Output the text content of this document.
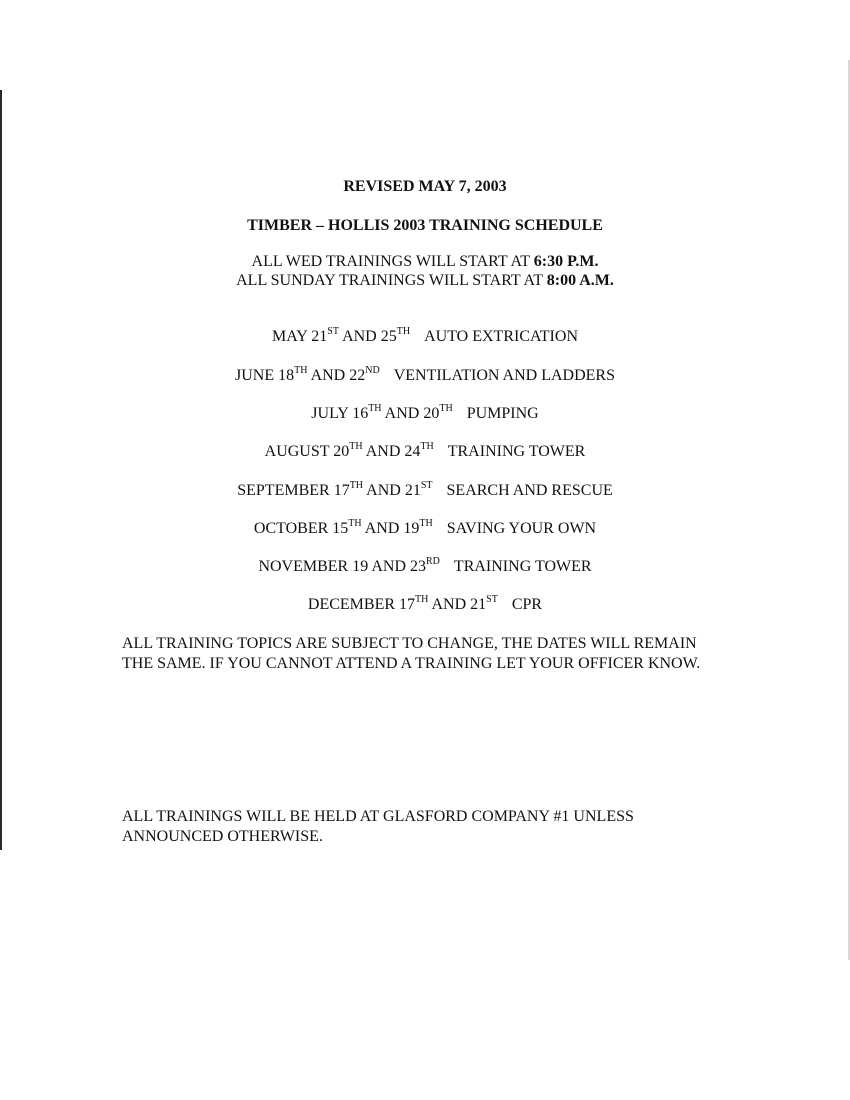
REVISED MAY 7, 2003
TIMBER – HOLLIS 2003 TRAINING SCHEDULE
ALL WED TRAININGS WILL START AT 6:30 P.M.
ALL SUNDAY TRAININGS WILL START AT 8:00 A.M.
MAY 21ST AND 25TH AUTO EXTRICATION
JUNE 18TH AND 22ND VENTILATION AND LADDERS
JULY 16TH AND 20TH PUMPING
AUGUST 20TH AND 24TH TRAINING TOWER
SEPTEMBER 17TH AND 21ST SEARCH AND RESCUE
OCTOBER 15TH AND 19TH SAVING YOUR OWN
NOVEMBER 19 AND 23RD TRAINING TOWER
DECEMBER 17TH AND 21ST CPR
ALL TRAINING TOPICS ARE SUBJECT TO CHANGE, THE DATES WILL REMAIN THE SAME. IF YOU CANNOT ATTEND A TRAINING LET YOUR OFFICER KNOW.
ALL TRAININGS WILL BE HELD AT GLASFORD COMPANY #1 UNLESS ANNOUNCED OTHERWISE.
